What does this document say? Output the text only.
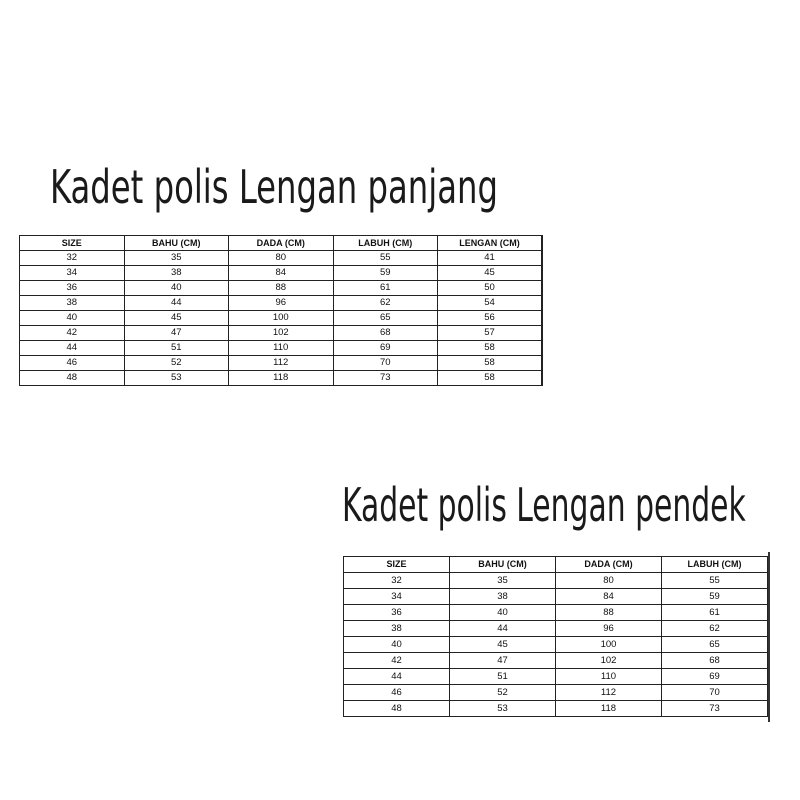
Kadet polis Lengan panjang
SIZE	BAHU (CM)	DADA (CM)	LABUH (CM)	LENGAN (CM)
32	35	80	55	41
34	38	84	59	45
36	40	88	61	50
38	44	96	62	54
40	45	100	65	56
42	47	102	68	57
44	51	110	69	58
46	52	112	70	58
48	53	118	73	58
Kadet polis Lengan pendek
SIZE	BAHU (CM)	DADA (CM)	LABUH (CM)
32	35	80	55
34	38	84	59
36	40	88	61
38	44	96	62
40	45	100	65
42	47	102	68
44	51	110	69
46	52	112	70
48	53	118	73
